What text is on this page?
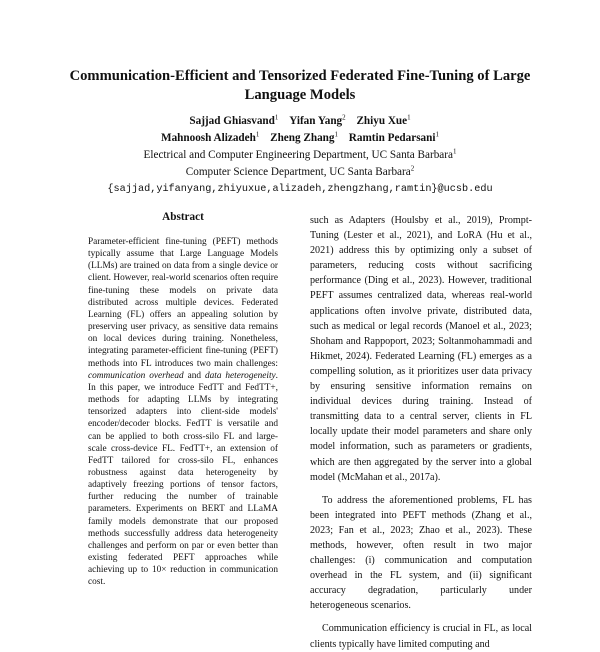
Communication-Efficient and Tensorized Federated Fine-Tuning of Large Language Models
Sajjad Ghiasvand$^1$ Yifan Yang$^2$ Zhiyu Xue$^1$
Mahnoosh Alizadeh$^1$ Zheng Zhang$^1$ Ramtin Pedarsani$^1$
Electrical and Computer Engineering Department, UC Santa Barbara$^1$
Computer Science Department, UC Santa Barbara$^2$
{sajjad,yifanyang,zhiyuxue,alizadeh,zhengzhang,ramtin}@ucsb.edu
Abstract
Parameter-efficient fine-tuning (PEFT) methods typically assume that Large Language Models (LLMs) are trained on data from a single device or client. However, real-world scenarios often require fine-tuning these models on private data distributed across multiple devices. Federated Learning (FL) offers an appealing solution by preserving user privacy, as sensitive data remains on local devices during training. Nonetheless, integrating parameter-efficient fine-tuning (PEFT) methods into FL introduces two main challenges: communication overhead and data heterogeneity. In this paper, we introduce FedTT and FedTT+, methods for adapting LLMs by integrating tensorized adapters into client-side models' encoder/decoder blocks. FedTT is versatile and can be applied to both cross-silo FL and large-scale cross-device FL. FedTT+, an extension of FedTT tailored for cross-silo FL, enhances robustness against data heterogeneity by adaptively freezing portions of tensor factors, further reducing the number of trainable parameters. Experiments on BERT and LLaMA family models demonstrate that our proposed methods successfully address data heterogeneity challenges and perform on par or even better than existing federated PEFT approaches while achieving up to 10× reduction in communication cost.

such as Adapters (Houlsby et al., 2019), Prompt-Tuning (Lester et al., 2021), and LoRA (Hu et al., 2021) address this by optimizing only a subset of parameters, reducing costs without sacrificing performance (Ding et al., 2023). However, traditional PEFT assumes centralized data, whereas real-world applications often involve private, distributed data, such as medical or legal records (Manoel et al., 2023; Shoham and Rappoport, 2023; Soltanmohammadi and Hikmet, 2024). Federated Learning (FL) emerges as a compelling solution, as it prioritizes user data privacy by ensuring sensitive information remains on individual devices during training. Instead of transmitting data to a central server, clients in FL locally update their model parameters and share only model information, such as parameters or gradients, which are then aggregated by the server into a global model (McMahan et al., 2017a).

To address the aforementioned problems, FL has been integrated into PEFT methods (Zhang et al., 2023; Fan et al., 2023; Zhao et al., 2023). These methods, however, often result in two major challenges: (i) communication and computation overhead in the FL system, and (ii) significant accuracy degradation, particularly under heterogeneous scenarios.

Communication efficiency is crucial in FL, as local clients typically have limited computing and
